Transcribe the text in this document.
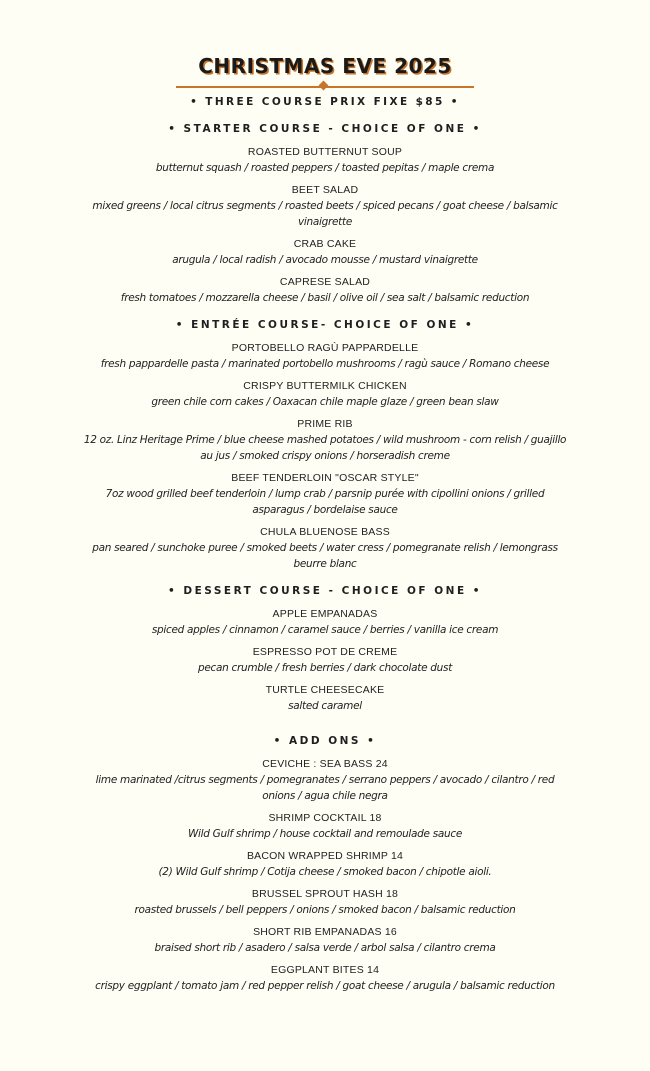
CHRISTMAS EVE 2025
• THREE COURSE PRIX FIXE $85 •
• STARTER COURSE - CHOICE OF ONE •
ROASTED BUTTERNUT SOUP
butternut squash / roasted peppers / toasted pepitas / maple crema
BEET SALAD
mixed greens / local citrus segments / roasted beets / spiced pecans / goat cheese / balsamic vinaigrette
CRAB CAKE
arugula / local radish / avocado mousse / mustard vinaigrette
CAPRESE SALAD
fresh tomatoes / mozzarella cheese / basil / olive oil / sea salt / balsamic reduction
• ENTRÉE COURSE- CHOICE OF ONE •
PORTOBELLO RAGÙ PAPPARDELLE
fresh pappardelle pasta / marinated portobello mushrooms / ragù sauce / Romano cheese
CRISPY BUTTERMILK CHICKEN
green chile corn cakes / Oaxacan chile maple glaze / green bean slaw
PRIME RIB
12 oz. Linz Heritage Prime / blue cheese mashed potatoes / wild mushroom - corn relish / guajillo au jus / smoked crispy onions / horseradish creme
BEEF TENDERLOIN "OSCAR STYLE"
7oz wood grilled beef tenderloin / lump crab / parsnip purée with cipollini onions / grilled asparagus / bordelaise sauce
CHULA BLUENOSE BASS
pan seared / sunchoke puree / smoked beets / water cress / pomegranate relish / lemongrass beurre blanc
• DESSERT COURSE - CHOICE OF ONE •
APPLE EMPANADAS
spiced apples / cinnamon / caramel sauce / berries / vanilla ice cream
ESPRESSO POT DE CREME
pecan crumble / fresh berries / dark chocolate dust
TURTLE CHEESECAKE
salted caramel
• ADD ONS •
CEVICHE : SEA BASS 24
lime marinated /citrus segments / pomegranates / serrano peppers / avocado / cilantro / red onions / agua chile negra
SHRIMP COCKTAIL 18
Wild Gulf shrimp / house cocktail and remoulade sauce
BACON WRAPPED SHRIMP 14
(2) Wild Gulf shrimp / Cotija cheese / smoked bacon / chipotle aioli.
BRUSSEL SPROUT HASH 18
roasted brussels / bell peppers / onions / smoked bacon / balsamic reduction
SHORT RIB EMPANADAS 16
braised short rib / asadero / salsa verde / arbol salsa / cilantro crema
EGGPLANT BITES 14
crispy eggplant / tomato jam / red pepper relish / goat cheese / arugula / balsamic reduction
